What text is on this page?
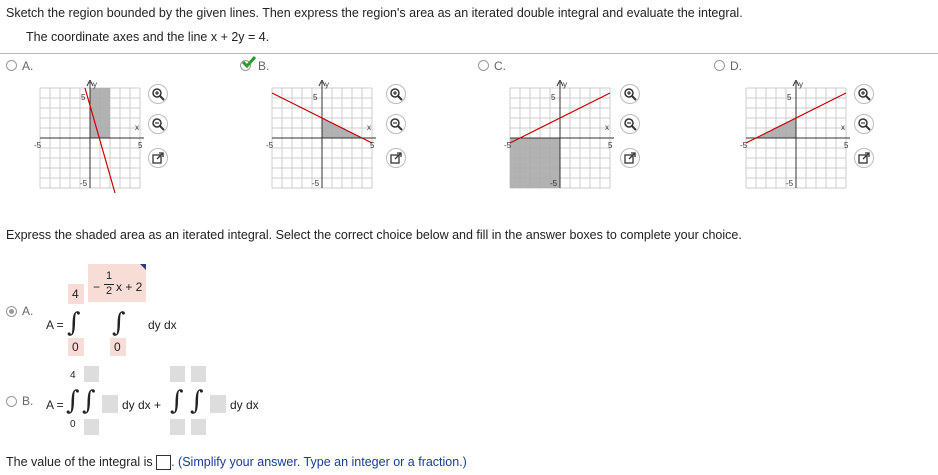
Sketch the region bounded by the given lines. Then express the region's area as an iterated double integral and evaluate the integral.
The coordinate axes and the line x + 2y = 4.
A.	B.	C.	D.
y
5
x
5
-5
-5
y
5
x
5
-5
-5
y
5
x
5
-5
-5
y
5
x
5
-5
-5
Express the shaded area as an iterated integral. Select the correct choice below and fill in the answer boxes to complete your choice.
A.
A =
4
∫
0
−
1
2 x + 2
∫
0
dy dx
B. A =
4
∫
0
∫ dy dx + ∫ ∫ dy dx
The value of the integral is . (Simplify your answer. Type an integer or a fraction.)
